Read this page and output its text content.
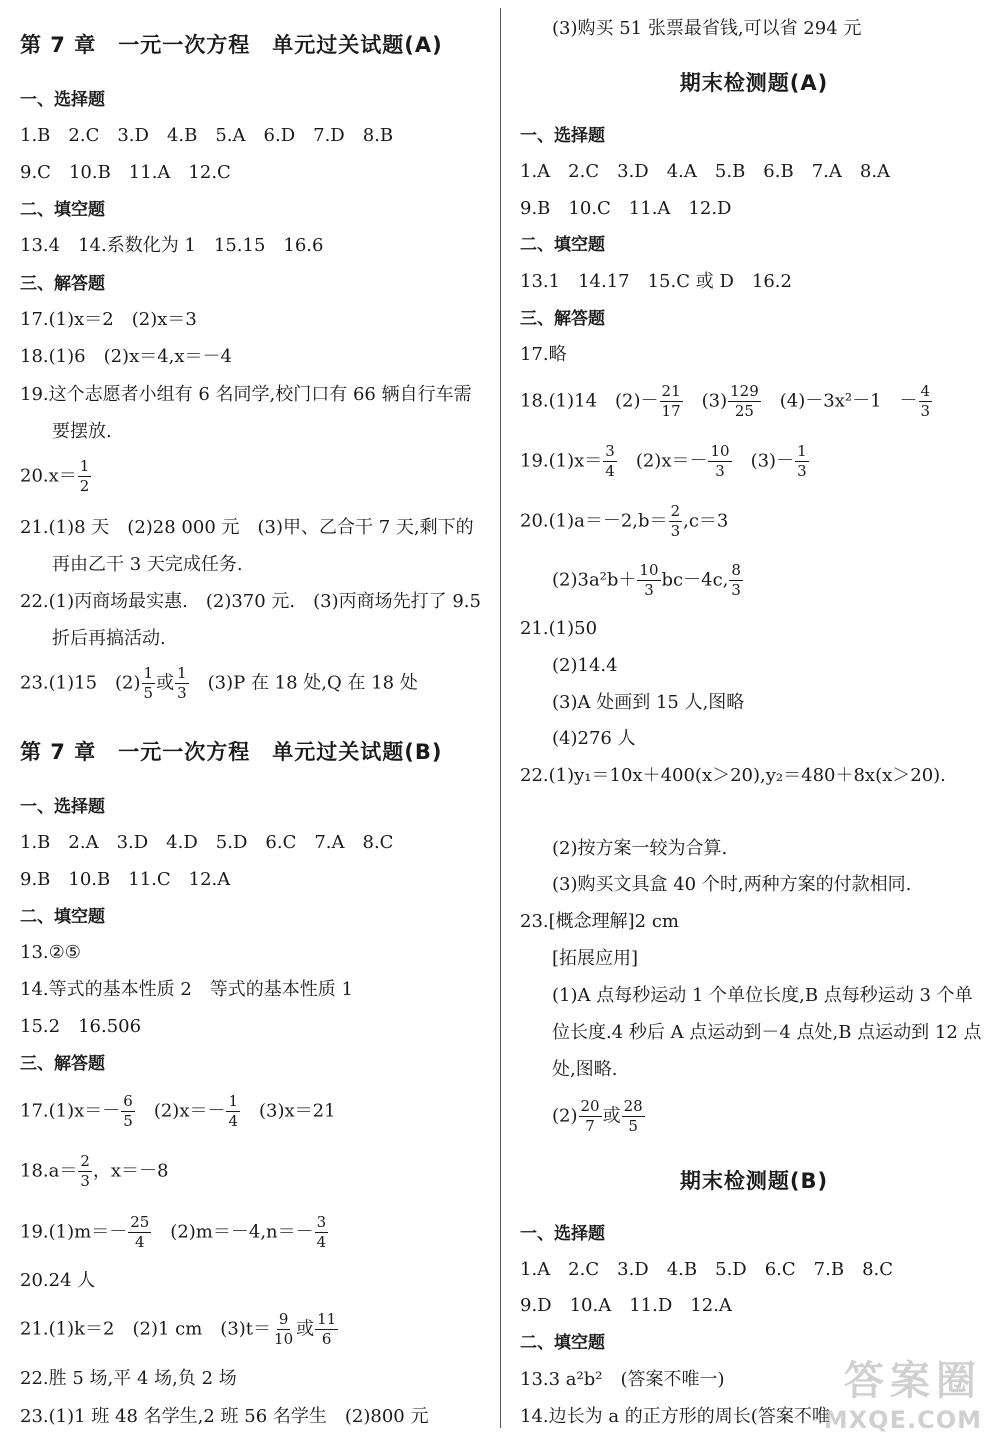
第 7 章　一元一次方程　单元过关试题(A)
一、选择题
1.B　2.C　3.D　4.B　5.A　6.D　7.D　8.B
9.C　10.B　11.A　12.C
二、填空题
13.4　14.系数化为 1　15.15　16.6
三、解答题
17.(1)x＝2　(2)x＝3
18.(1)6　(2)x＝4,x＝－4
19.这个志愿者小组有 6 名同学,校门口有 66 辆自行车需要摆放.
$20.x= \frac{1}{2}$
21.(1)8 天　(2)28 000 元　(3)甲、乙合干 7 天,剩下的再由乙干 3 天完成任务.
22.(1)丙商场最实惠.　(2)370 元.　(3)丙商场先打了 9.5 折后再搞活动.
23.(1)15　$(2) \frac{1}{5}$ 或 $\frac{1}{3}$ 　(3)P 在 18 处,Q 在 18 处
第 7 章　一元一次方程　单元过关试题(B)
一、选择题
1.B　2.A　3.D　4.D　5.D　6.C　7.A　8.C
9.B　10.B　11.C　12.A
二、填空题
13.②⑤
14.等式的基本性质 2　等式的基本性质 1
15.2　16.506
三、解答题
$17.(1)x=- \frac{6}{5}$ 　$(2)x=- \frac{1}{4}$ 　(3)x＝21
$18.a= \frac{2}{3}$ ，x＝－8
$19.(1)m=- \frac{25}{4}$ 　$(2)m=-4,n=- \frac{3}{4}$
20.24 人
21.(1)k＝2　(2)1 cm　$(3)t= \frac{9}{10}$ 或 $\frac{11}{6}$
22.胜 5 场,平 4 场,负 2 场
23.(1)1 班 48 名学生,2 班 56 名学生　(2)800 元
(3)购买 51 张票最省钱,可以省 294 元
期末检测题(A)
一、选择题
1.A　2.C　3.D　4.A　5.B　6.B　7.A　8.A
9.B　10.C　11.A　12.D
二、填空题
13.1　14.17　15.C 或 D　16.2
三、解答题
17.略
18.(1)14　$(2)- \frac{21}{17}$ 　$(3) \frac{129}{25}$ 　(4)－3x²－1　－ $\frac{4}{3}$
$19.(1)x= \frac{3}{4}$ 　$(2)x=- \frac{10}{3}$ 　$(3)- \frac{1}{3}$
$20.(1)a=-2,b= \frac{2}{3} ,c=3$
$(2)3a^2b+ \frac{10}{3} bc-4c$, $\frac{8}{3}$
21.(1)50
(2)14.4
(3)A 处画到 15 人,图略
(4)276 人
22.(1)y₁＝10x＋400(x＞20),y₂＝480＋8x(x＞20).
(2)按方案一较为合算.
(3)购买文具盒 40 个时,两种方案的付款相同.
23.[概念理解]2 cm
[拓展应用]
(1)A 点每秒运动 1 个单位长度,B 点每秒运动 3 个单位长度.4 秒后 A 点运动到－4 点处,B 点运动到 12 点处,图略.
$(2) \frac{20}{7}$ 或 $\frac{28}{5}$
期末检测题(B)
一、选择题
1.A　2.C　3.D　4.B　5.D　6.C　7.B　8.C
9.D　10.A　11.D　12.A
二、填空题
13.3 a²b²　(答案不唯一)
14.边长为 a 的正方形的周长(答案不唯
答案圈
MXQE.COM
